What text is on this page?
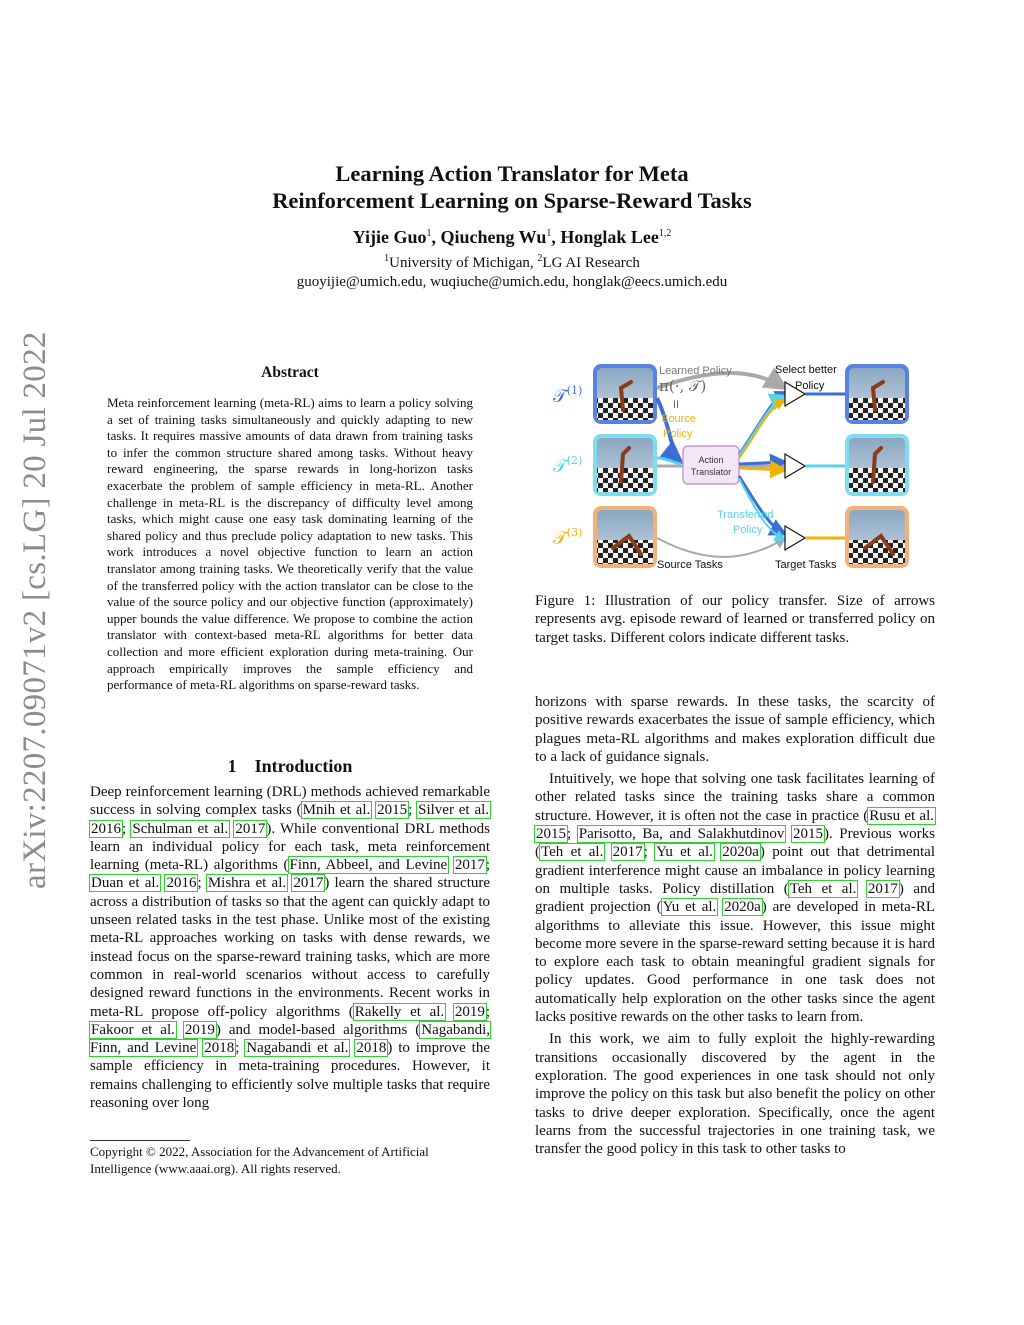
arXiv:2207.09071v2 [cs.LG] 20 Jul 2022
Learning Action Translator for Meta
Reinforcement Learning on Sparse-Reward Tasks
Yijie Guo$^1$, Qiucheng Wu$^1$, Honglak Lee$^{1,2}$
$^1$University of Michigan, $^2$LG AI Research
guoyijie@umich.edu, wuqiuche@umich.edu, honglak@eecs.umich.edu
Abstract
Meta reinforcement learning (meta-RL) aims to learn a policy solving a set of training tasks simultaneously and quickly adapting to new tasks. It requires massive amounts of data drawn from training tasks to infer the common structure shared among tasks. Without heavy reward engineering, the sparse rewards in long-horizon tasks exacerbate the problem of sample efficiency in meta-RL. Another challenge in meta-RL is the discrepancy of difficulty level among tasks, which might cause one easy task dominating learning of the shared policy and thus preclude policy adaptation to new tasks. This work introduces a novel objective function to learn an action translator among training tasks. We theoretically verify that the value of the transferred policy with the action translator can be close to the value of the source policy and our objective function (approximately) upper bounds the value difference. We propose to combine the action translator with context-based meta-RL algorithms for better data collection and more efficient exploration during meta-training. Our approach empirically improves the sample efficiency and performance of meta-RL algorithms on sparse-reward tasks.
1 Introduction

Deep reinforcement learning (DRL) methods achieved remarkable success in solving complex tasks (Mnih et al. 2015; Silver et al. 2016; Schulman et al. 2017). While conventional DRL methods learn an individual policy for each task, meta reinforcement learning (meta-RL) algorithms (Finn, Abbeel, and Levine 2017; Duan et al. 2016; Mishra et al. 2017) learn the shared structure across a distribution of tasks so that the agent can quickly adapt to unseen related tasks in the test phase. Unlike most of the existing meta-RL approaches working on tasks with dense rewards, we instead focus on the sparse-reward training tasks, which are more common in real-world scenarios without access to carefully designed reward functions in the environments. Recent works in meta-RL propose off-policy algorithms (Rakelly et al. 2019; Fakoor et al. 2019) and model-based algorithms (Nagabandi, Finn, and Levine 2018; Nagabandi et al. 2018) to improve the sample efficiency in meta-training procedures. However, it remains challenging to efficiently solve multiple tasks that require reasoning over long

Copyright © 2022, Association for the Advancement of Artificial Intelligence (www.aaai.org). All rights reserved.
Action
Translator
Learned Policy
π(·, 𝒯)
II
Source
Policy
Select better
Policy
Transferred
Policy
Source Tasks	Target Tasks
𝒯$^{(1)}$
𝒯$^{(2)}$
𝒯$^{(3)}$
Figure 1: Illustration of our policy transfer. Size of arrows represents avg. episode reward of learned or transferred policy on target tasks. Different colors indicate different tasks.

horizons with sparse rewards. In these tasks, the scarcity of positive rewards exacerbates the issue of sample efficiency, which plagues meta-RL algorithms and makes exploration difficult due to a lack of guidance signals.

Intuitively, we hope that solving one task facilitates learning of other related tasks since the training tasks share a common structure. However, it is often not the case in practice (Rusu et al. 2015; Parisotto, Ba, and Salakhutdinov 2015). Previous works (Teh et al. 2017; Yu et al. 2020a) point out that detrimental gradient interference might cause an imbalance in policy learning on multiple tasks. Policy distillation (Teh et al. 2017) and gradient projection (Yu et al. 2020a) are developed in meta-RL algorithms to alleviate this issue. However, this issue might become more severe in the sparse-reward setting because it is hard to explore each task to obtain meaningful gradient signals for policy updates. Good performance in one task does not automatically help exploration on the other tasks since the agent lacks positive rewards on the other tasks to learn from.

In this work, we aim to fully exploit the highly-rewarding transitions occasionally discovered by the agent in the exploration. The good experiences in one task should not only improve the policy on this task but also benefit the policy on other tasks to drive deeper exploration. Specifically, once the agent learns from the successful trajectories in one training task, we transfer the good policy in this task to other tasks to
